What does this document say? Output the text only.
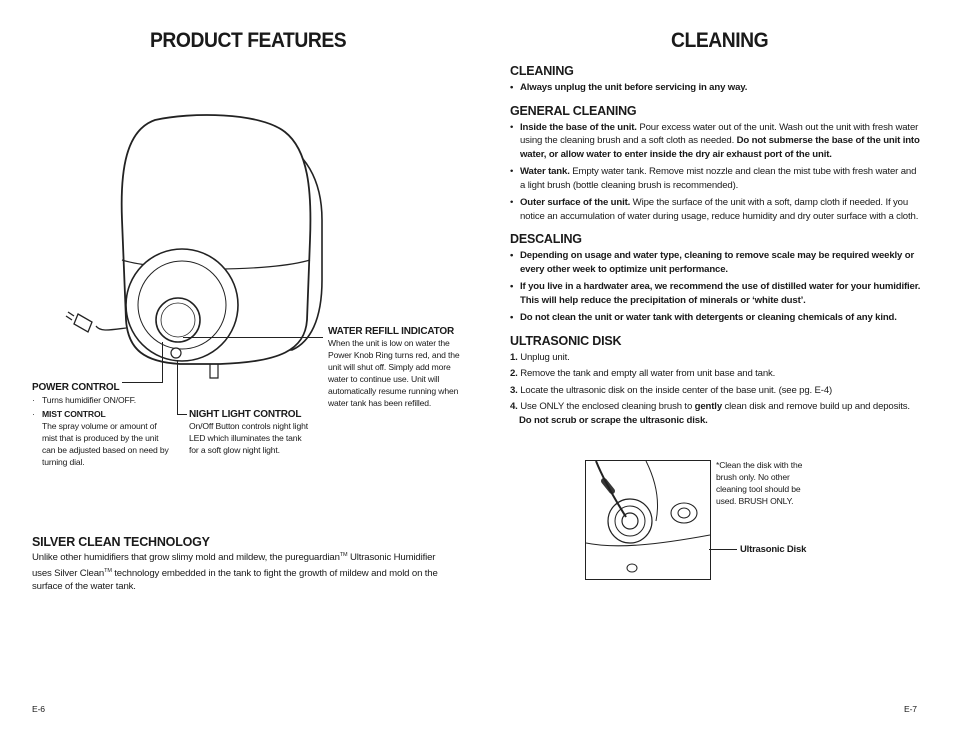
PRODUCT FEATURES
WATER REFILL INDICATOR
When the unit is low on water the Power Knob Ring turns red, and the unit will shut off. Simply add more water to continue use. Unit will automatically resume running when water tank has been refilled.
POWER CONTROL
· Turns humidifier ON/OFF.
· MIST CONTROL
The spray volume or amount of mist that is produced by the unit can be adjusted based on need by turning dial.
NIGHT LIGHT CONTROL
On/Off Button controls night light LED which illuminates the tank for a soft glow night light.
SILVER CLEAN TECHNOLOGY
Unlike other humidifiers that grow slimy mold and mildew, the pureguardian™ Ultrasonic Humidifier uses Silver Clean™ technology embedded in the tank to fight the growth of mildew and mold on the surface of the water tank.
E-6
CLEANING
CLEANING
• Always unplug the unit before servicing in any way.
GENERAL CLEANING
• Inside the base of the unit. Pour excess water out of the unit. Wash out the unit with fresh water using the cleaning brush and a soft cloth as needed. Do not submerse the base of the unit into water, or allow water to enter inside the dry air exhaust port of the unit.
• Water tank. Empty water tank. Remove mist nozzle and clean the mist tube with fresh water and a light brush (bottle cleaning brush is recommended).
• Outer surface of the unit. Wipe the surface of the unit with a soft, damp cloth if needed. If you notice an accumulation of water during usage, reduce humidity and dry outer surface with a cloth.
DESCALING
• Depending on usage and water type, cleaning to remove scale may be required weekly or every other week to optimize unit performance.
• If you live in a hardwater area, we recommend the use of distilled water for your humidifier. This will help reduce the precipitation of minerals or ‘white dust’.
• Do not clean the unit or water tank with detergents or cleaning chemicals of any kind.
ULTRASONIC DISK
1. Unplug unit.
2. Remove the tank and empty all water from unit base and tank.
3. Locate the ultrasonic disk on the inside center of the base unit. (see pg. E-4)
4. Use ONLY the enclosed cleaning brush to gently clean disk and remove build up and deposits.
Do not scrub or scrape the ultrasonic disk.
*Clean the disk with the brush only. No other cleaning tool should be used. BRUSH ONLY.
Ultrasonic Disk
E-7
